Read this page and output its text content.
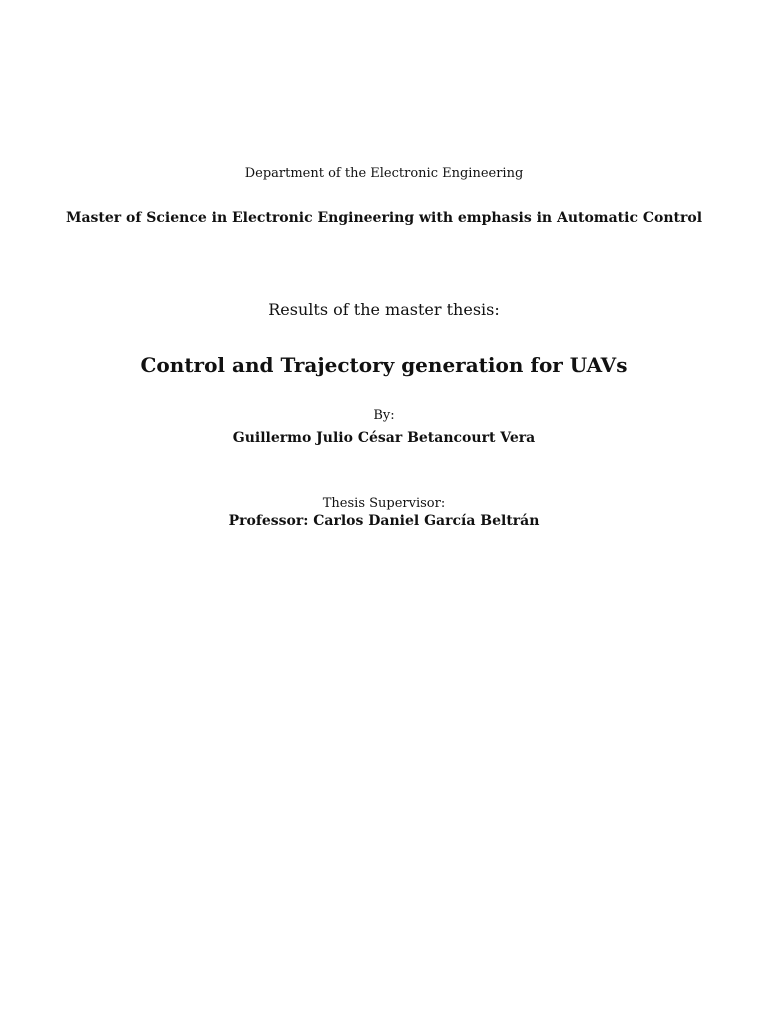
Department of the Electronic Engineering
Master of Science in Electronic Engineering with emphasis in Automatic Control
Results of the master thesis:
Control and Trajectory generation for UAVs
By:
Guillermo Julio César Betancourt Vera
Thesis Supervisor:
Professor: Carlos Daniel García Beltrán
